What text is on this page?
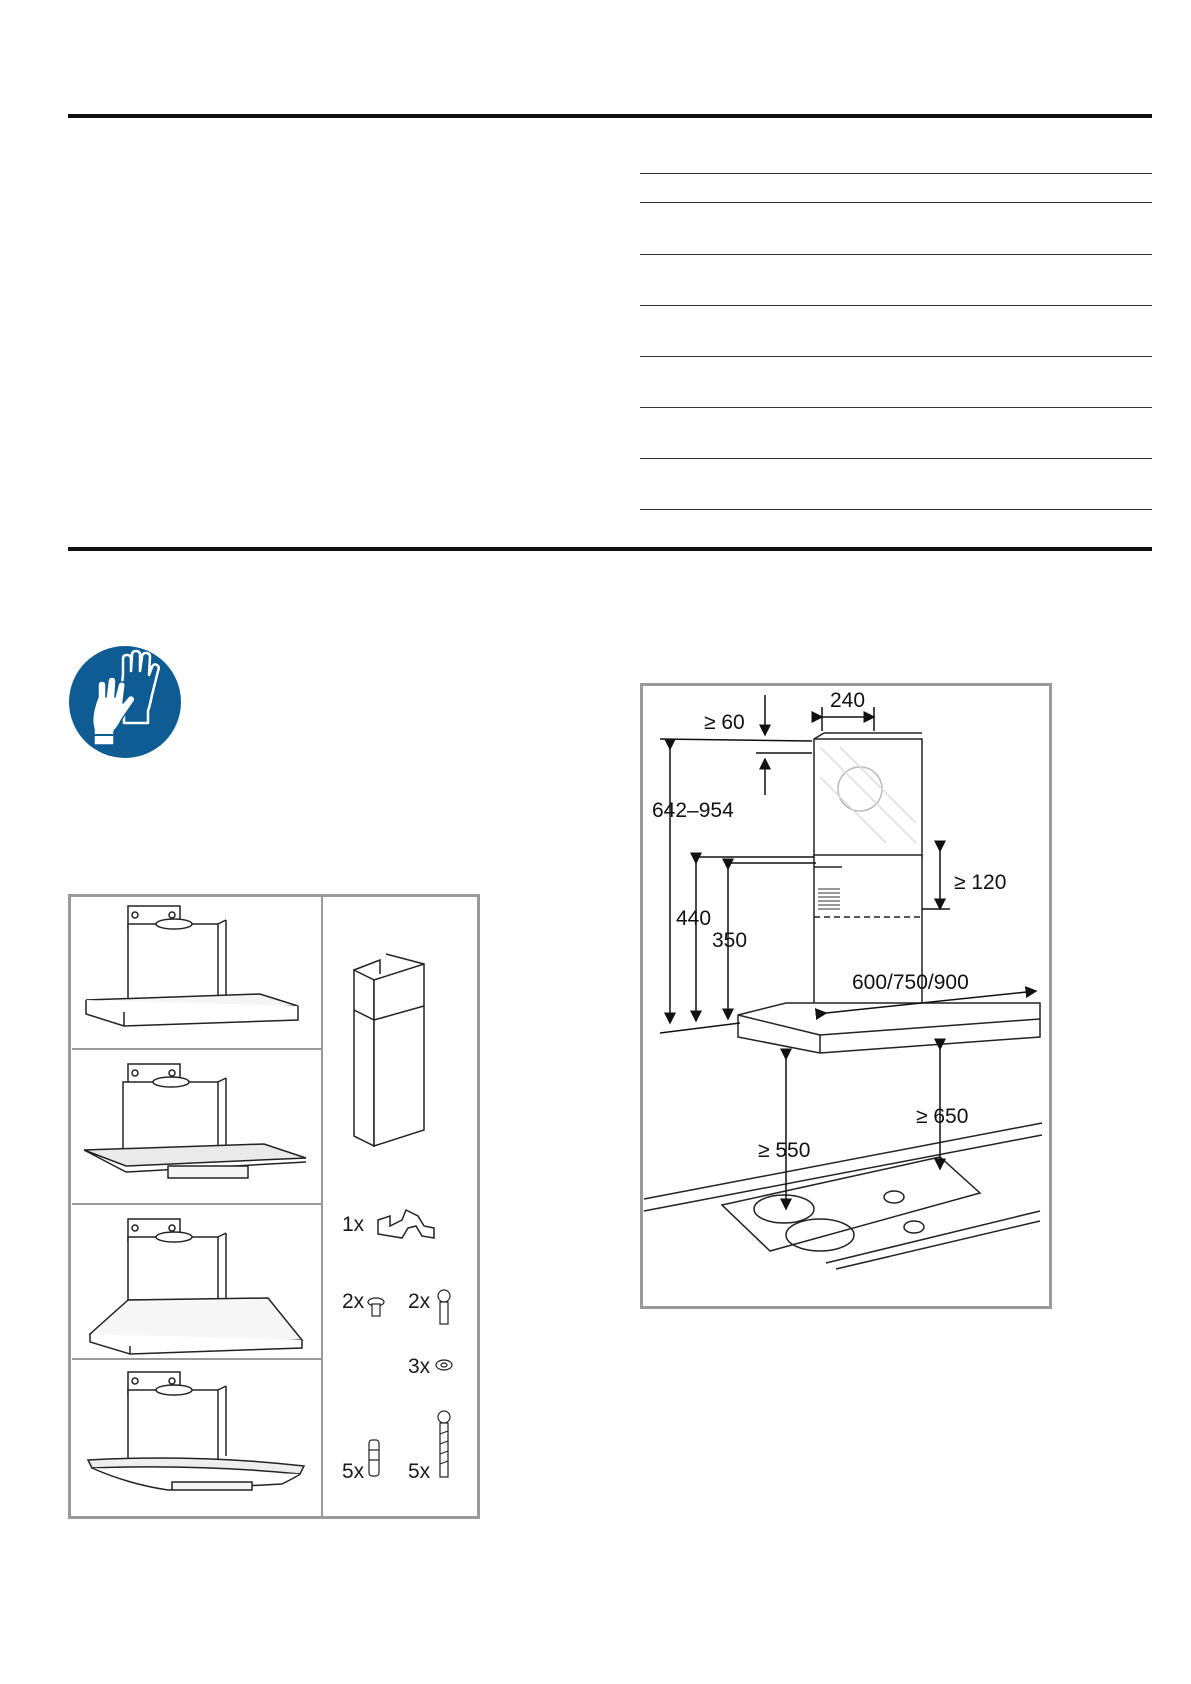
1x
2x 2x
3x
5x 5x
≥ 60
240
642–954
≥ 120
440
350
600/750/900
≥ 650
≥ 550
